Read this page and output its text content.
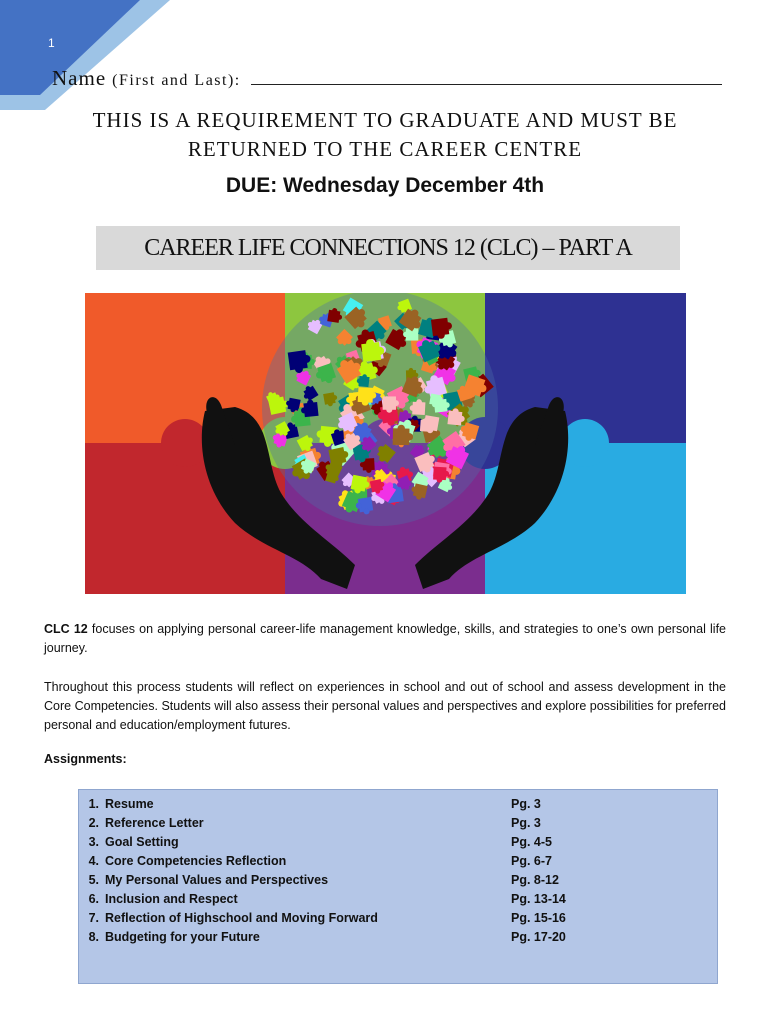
1
Name (First and Last):
THIS IS A REQUIREMENT TO GRADUATE AND MUST BE RETURNED TO THE CAREER CENTRE
DUE: Wednesday December 4th
CAREER LIFE CONNECTIONS 12 (CLC) – PART A
CLC 12 focuses on applying personal career-life management knowledge, skills, and strategies to one’s own personal life journey.
Throughout this process students will reflect on experiences in school and out of school and assess development in the Core Competencies. Students will also assess their personal values and perspectives and explore possibilities for preferred personal and education/employment futures.
Assignments:
1. Resume	Pg. 3
2. Reference Letter	Pg. 3
3. Goal Setting	Pg. 4-5
4. Core Competencies Reflection	Pg. 6-7
5. My Personal Values and Perspectives	Pg. 8-12
6. Inclusion and Respect	Pg. 13-14
7. Reflection of Highschool and Moving Forward	Pg. 15-16
8. Budgeting for your Future	Pg. 17-20
